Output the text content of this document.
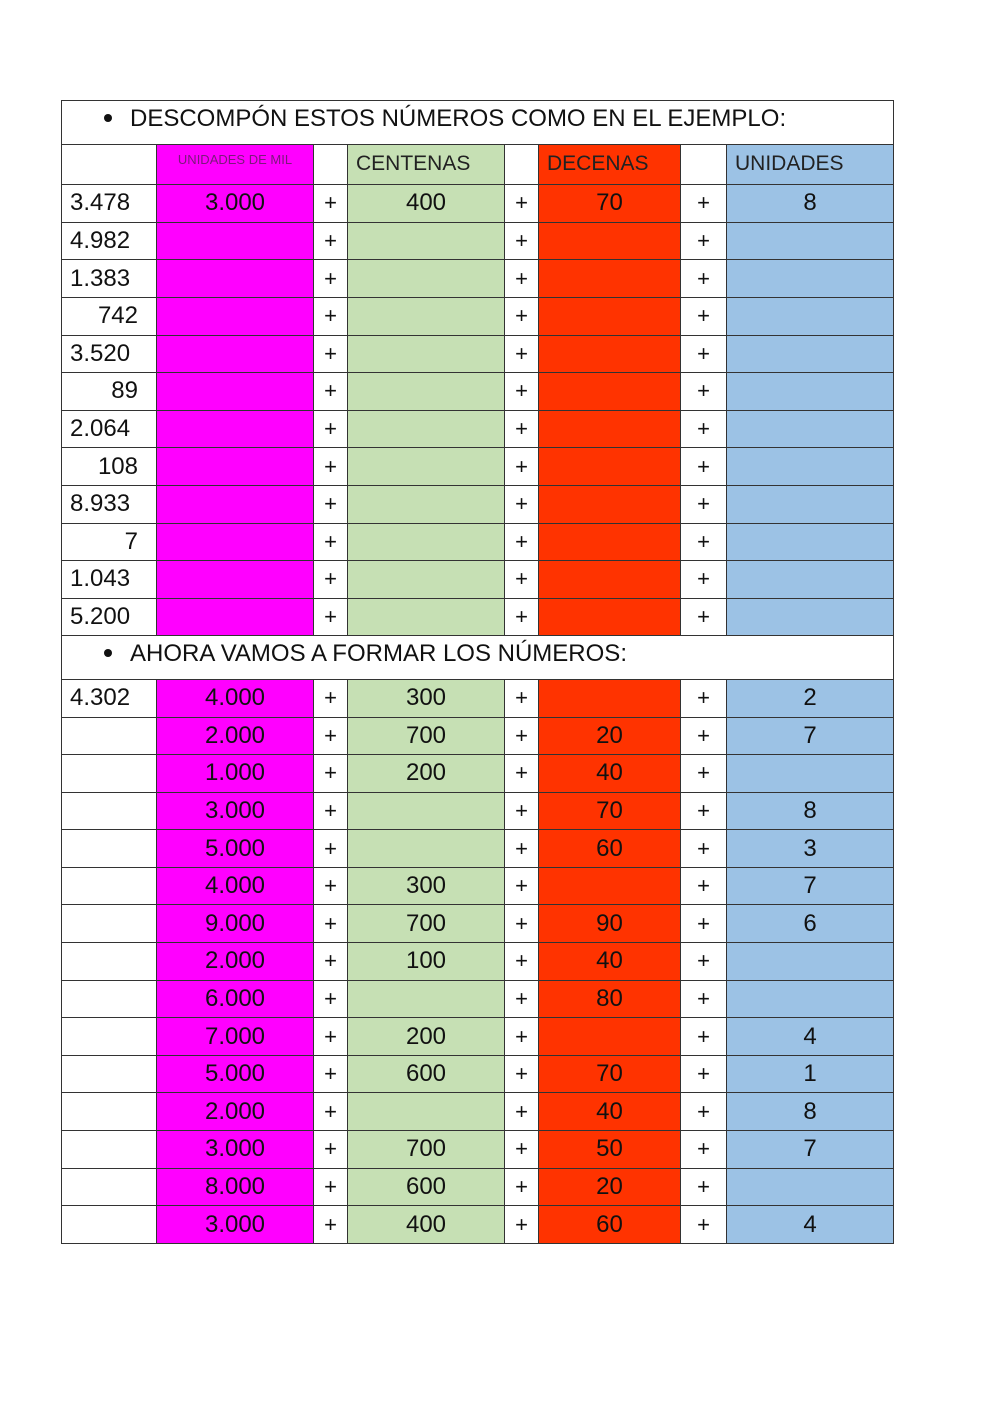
DESCOMPÓN ESTOS NÚMEROS COMO EN EL EJEMPLO:							
	UNIDADES DE MIL		CENTENAS		DECENAS		UNIDADES
3.478	3.000	+	400	+	70	+	8
4.982		+		+		+	
1.383		+		+		+	
742		+		+		+	
3.520		+		+		+	
89		+		+		+	
2.064		+		+		+	
108		+		+		+	
8.933		+		+		+	
7		+		+		+	
1.043		+		+		+	
5.200		+		+		+	
AHORA VAMOS A FORMAR LOS NÚMEROS:							
4.302	4.000	+	300	+		+	2
	2.000	+	700	+	20	+	7
	1.000	+	200	+	40	+	
	3.000	+		+	70	+	8
	5.000	+		+	60	+	3
	4.000	+	300	+		+	7
	9.000	+	700	+	90	+	6
	2.000	+	100	+	40	+	
	6.000	+		+	80	+	
	7.000	+	200	+		+	4
	5.000	+	600	+	70	+	1
	2.000	+		+	40	+	8
	3.000	+	700	+	50	+	7
	8.000	+	600	+	20	+	
	3.000	+	400	+	60	+	4
